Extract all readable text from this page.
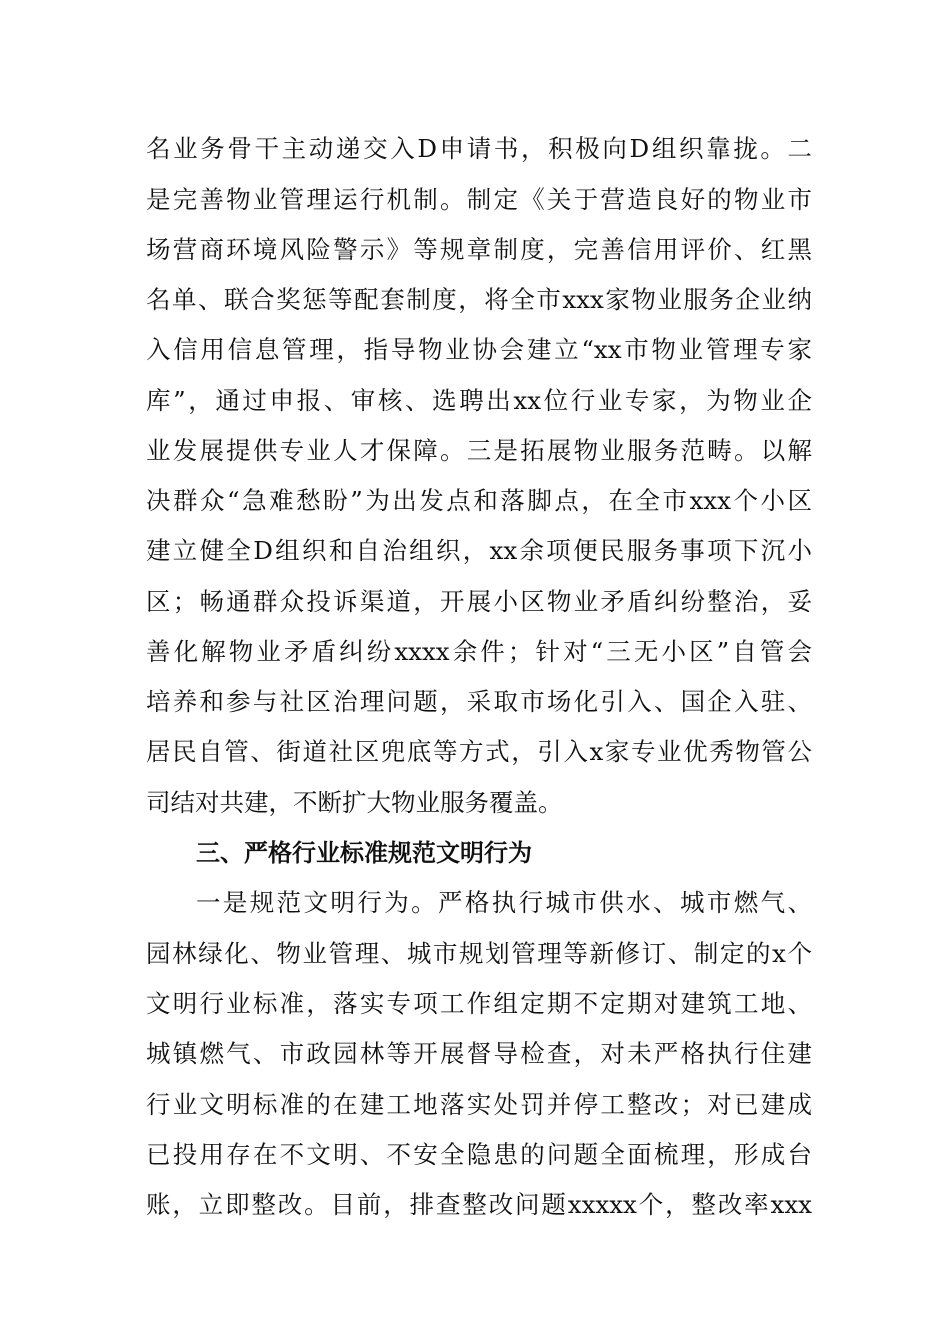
名业务骨干主动递交入D申请书，积极向D组织靠拢。二
是完善物业管理运行机制。制定《关于营造良好的物业市
场营商环境风险警示》等规章制度，完善信用评价、红黑
名单、联合奖惩等配套制度，将全市xxx家物业服务企业纳
入信用信息管理，指导物业协会建立“xx市物业管理专家
库”，通过申报、审核、选聘出xx位行业专家，为物业企
业发展提供专业人才保障。三是拓展物业服务范畴。以解
决群众“急难愁盼”为出发点和落脚点，在全市xxx个小区
建立健全D组织和自治组织，xx余项便民服务事项下沉小
区；畅通群众投诉渠道，开展小区物业矛盾纠纷整治，妥
善化解物业矛盾纠纷xxxx余件；针对“三无小区”自管会
培养和参与社区治理问题，采取市场化引入、国企入驻、
居民自管、街道社区兜底等方式，引入x家专业优秀物管公
司结对共建，不断扩大物业服务覆盖。
三、严格行业标准规范文明行为
一是规范文明行为。严格执行城市供水、城市燃气、
园林绿化、物业管理、城市规划管理等新修订、制定的x个
文明行业标准，落实专项工作组定期不定期对建筑工地、
城镇燃气、市政园林等开展督导检查，对未严格执行住建
行业文明标准的在建工地落实处罚并停工整改；对已建成
已投用存在不文明、不安全隐患的问题全面梳理，形成台
账，立即整改。目前，排查整改问题xxxxx个，整改率xxx
